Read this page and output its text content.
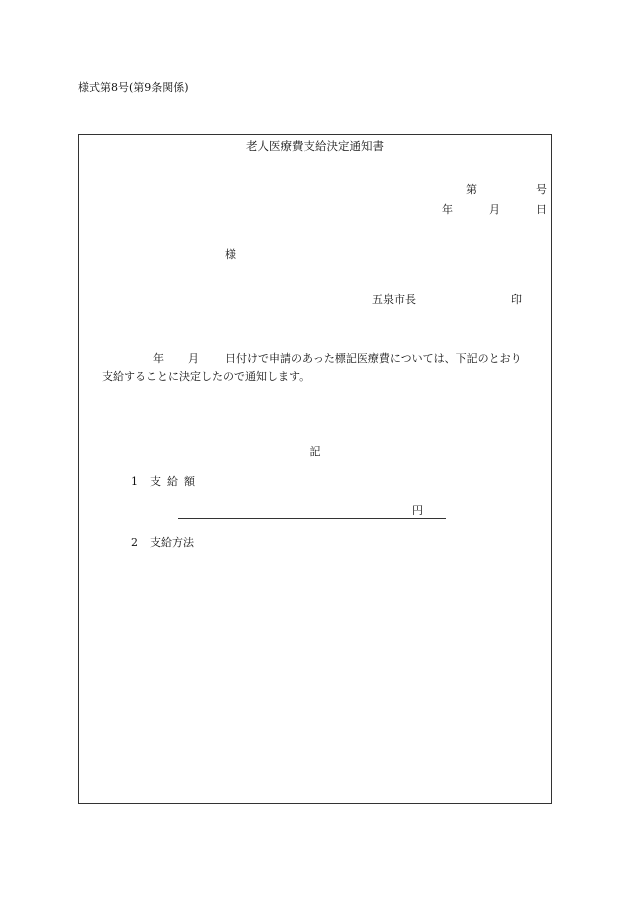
様式第8号(第9条関係)
老人医療費支給決定通知書
第	号
年	月	日
様
五泉市長	印
年 月 日付けで申請のあった標記医療費については、下記のとおり
支給することに決定したので通知します。
記
1 支給額
円
2 支給方法
